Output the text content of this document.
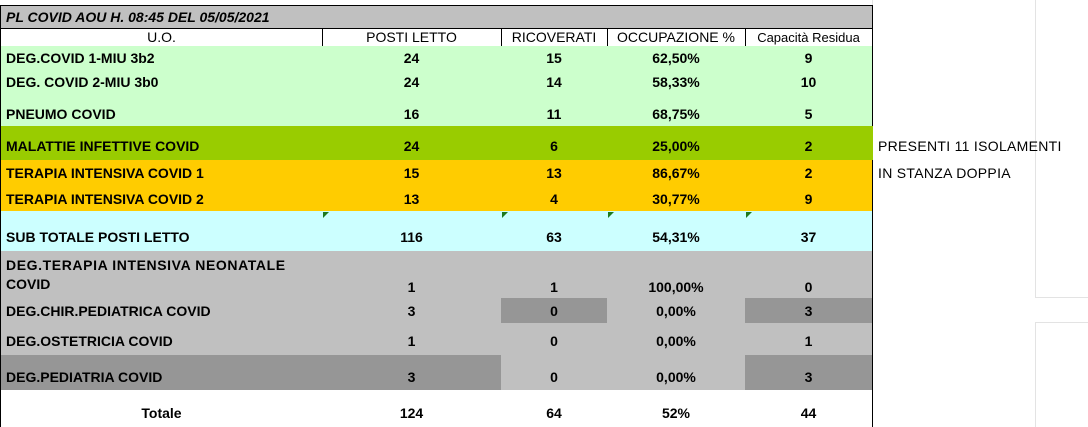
PL COVID AOU H. 08:45 DEL 05/05/2021
U.O.	POSTI LETTO	RICOVERATI	OCCUPAZIONE %	Capacità Residua
DEG.COVID 1-MIU 3b2	24	15	62,50%	9
DEG. COVID 2-MIU 3b0	24	14	58,33%	10
PNEUMO COVID	16	11	68,75%	5
MALATTIE INFETTIVE COVID	24	6	25,00%	2
TERAPIA INTENSIVA COVID 1	15	13	86,67%	2
TERAPIA INTENSIVA COVID 2	13	4	30,77%	9
SUB TOTALE POSTI LETTO	116	63	54,31%	37
DEG.TERAPIA INTENSIVA NEONATALE
COVID	1	1	100,00%	0
DEG.CHIR.PEDIATRICA COVID	3	0	0,00%	3
DEG.OSTETRICIA COVID	1	0	0,00%	1
DEG.PEDIATRIA COVID	3	0	0,00%	3
Totale	124	64	52%	44
PRESENTI 11 ISOLAMENTI
IN STANZA DOPPIA
